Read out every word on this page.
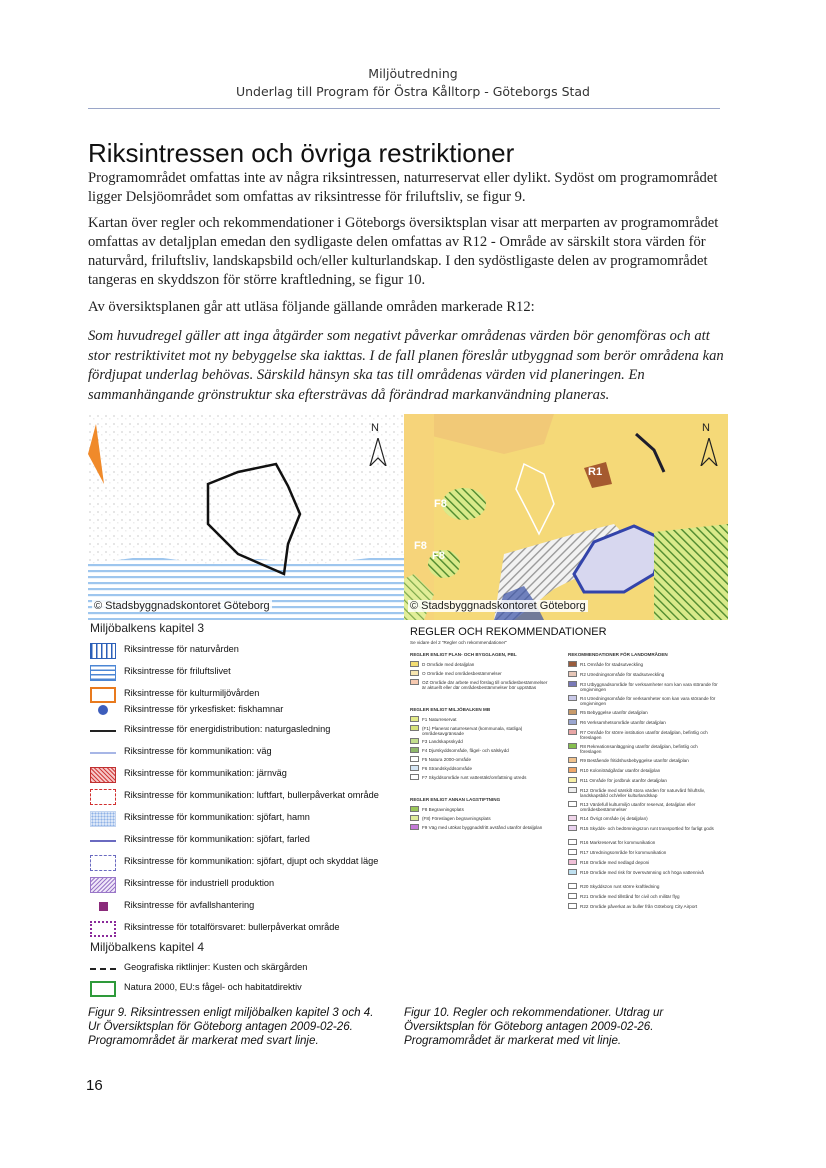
Miljöutredning
Underlag till Program för Östra Kålltorp - Göteborgs Stad
Riksintressen och övriga restriktioner
Programområdet omfattas inte av några riksintressen, naturreservat eller dylikt. Sydöst om programområdet ligger Delsjöområdet som omfattas av riksintresse för friluftsliv, se figur 9.
Kartan över regler och rekommendationer i Göteborgs översiktsplan visar att merparten av programområdet omfattas av detaljplan emedan den sydligaste delen omfattas av R12 - Område av särskilt stora värden för naturvård, friluftsliv, landskapsbild och/eller kulturlandskap. I den sydöstligaste delen av programområdet tangeras en skyddszon för större kraftledning, se figur 10.
Av översiktsplanen går att utläsa följande gällande områden markerade R12:
Som huvudregel gäller att inga åtgärder som negativt påverkar områdenas värden bör genomföras och att stor restriktivitet mot ny bebyggelse ska iakttas. I de fall planen föreslår utbyggnad som berör områdena kan fördjupat underlag behövas. Särskild hänsyn ska tas till områdenas värden vid planeringen. En sammanhängande grönstruktur ska eftersträvas då förändrad markanvändning planeras.
N
© Stadsbyggnadskontoret Göteborg
F8
F8
F8
R1
N
© Stadsbyggnadskontoret Göteborg
Miljöbalkens kapitel 3
Riksintresse för naturvården
Riksintresse för friluftslivet
Riksintresse för kulturmiljövården
Riksintresse för yrkesfisket: fiskhamnar
Riksintresse för energidistribution: naturgasledning
Riksintresse för kommunikation: väg
Riksintresse för kommunikation: järnväg
Riksintresse för kommunikation: luftfart, bullerpåverkat område
Riksintresse för kommunikation: sjöfart, hamn
Riksintresse för kommunikation: sjöfart, farled
Riksintresse för kommunikation: sjöfart, djupt och skyddat läge
Riksintresse för industriell produktion
Riksintresse för avfallshantering
Riksintresse för totalförsvaret: bullerpåverkat område
Miljöbalkens kapitel 4
Geografiska riktlinjer: Kusten och skärgården
Natura 2000, EU:s fågel- och habitatdirektiv
REGLER OCH REKOMMENDATIONER
Se vidare del 2 "Regler och rekommendationer"
REGLER ENLIGT PLAN- OCH BYGGLAGEN, PBL
D Område med detaljplan
O Område med områdesbestämmelser
OZ Område där arbete med förslag till områdesbestämmelser är aktuellt eller där områdesbestämmelser bör upprättas
REGLER ENLIGT MILJÖBALKEN MB
F1 Naturreservat
(F1) Planerat naturreservat (kommunala, statliga) områdesavgränsade
F3 Landskapsskydd
F4 Djurskyddsområde, fågel- och sälskydd
F5 Natura 2000-område
F6 Strandskyddsområde
F7 Skyddsområde runt vattentäkt/omfattning utreds
REGLER ENLIGT ANNAN LAGSTIFTNING
F8 Begravningsplats
(F8) Föreslagen begravningsplats
F9 Väg med utökat byggnadsfritt avstånd utanför detaljplan
REKOMMENDATIONER FÖR LANDOMRÅDEN
R1 Område för stadsutveckling
R2 Utredningsområde för stadsutveckling
R3 Utbyggnadsområde för verksamheter som kan vara störande för omgivningen
R4 Utredningsområde för verksamheter som kan vara störande för omgivningen
R5 Bebyggelse utanför detaljplan
R6 Verksamhetsområde utanför detaljplan
R7 Område för större institution utanför detaljplan, befintlig och föreslagen
R8 Rekreationsanläggning utanför detaljplan, befintlig och föreslagen
R9 Bestående fritidshusbebyggelse utanför detaljplan
R10 Koloniträdgårdar utanför detaljplan
R11 Område för jordbruk utanför detaljplan
R12 Område med särskilt stora värden för naturvård friluftsliv, landskapsbild och/eller kulturlandskap
R13 Värdefull kulturmiljö utanför reservat, detaljplan eller områdesbestämmelser
R14 Övrigt område (ej detaljplan)
R15 Skydds- och bedömningszon runt transportled för farligt gods
R16 Markreservat för kommunikation
R17 Utredningsområde för kommunikation
R18 Område med nedlagd deponi
R19 Område med risk för översvämning och höga vattennivå
R20 Skyddszon runt större kraftledning
R21 Område med tillstånd för civil och militär flyg
R22 Område påverkat av buller från Göteborg City Airport
Figur 9. Riksintressen enligt miljöbalken kapitel 3 och 4. Ur Översiktsplan för Göteborg antagen 2009-02-26. Programområdet är markerat med svart linje.
Figur 10. Regler och rekommendationer. Utdrag ur Översiktsplan för Göteborg antagen 2009-02-26. Programområdet är markerat med vit linje.
16
